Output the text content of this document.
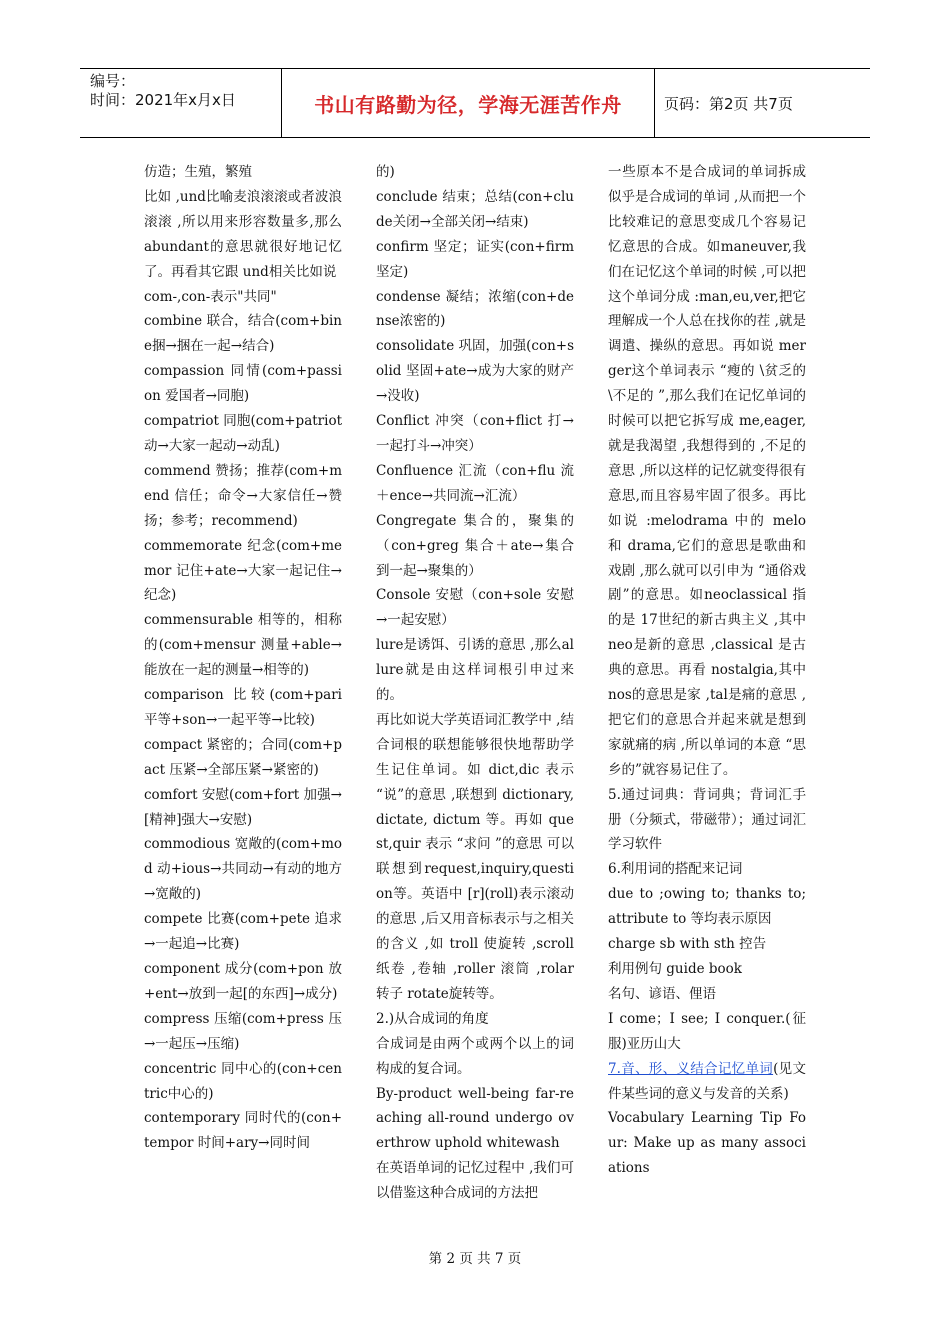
编号：
时间：2021年x月x日	书山有路勤为径，学海无涯苦作舟	页码：第2页 共7页
仿造；生殖，繁殖
比如 ,und比喻麦浪滚滚或者波浪滚滚 ,所以用来形容数量多,那么 abundant的意思就很好地记忆了。再看其它跟 und相关比如说
com-,con-表示"共同"
combine 联合，结合(com+bine捆→捆在一起→结合)
compassion 同情(com+passion 爱国者→同胞)
compatriot 同胞(com+patriot 动→大家一起动→动乱)
commend 赞扬；推荐(com+mend 信任；命令→大家信任→赞扬；参考；recommend)
commemorate 纪念(com+memor 记住+ate→大家一起记住→纪念)
commensurable 相等的，相称的(com+mensur 测量+able→能放在一起的测量→相等的)
comparison 比较(com+pari 平等+son→一起平等→比较)
compact 紧密的；合同(com+pact 压紧→全部压紧→紧密的)
comfort 安慰(com+fort 加强→[精神]强大→安慰)
commodious 宽敞的(com+mod 动+ious→共同动→有动的地方→宽敞的)
compete 比赛(com+pete 追求→一起追→比赛)
component 成分(com+pon 放+ent→放到一起[的东西]→成分)
compress 压缩(com+press 压→一起压→压缩)
concentric 同中心的(con+centric中心的)
contemporary 同时代的(con+tempor 时间+ary→同时间
的)
conclude 结束；总结(con+clude关闭→全部关闭→结束)
confirm 坚定；证实(con+firm 坚定)
condense 凝结；浓缩(con+dense浓密的)
consolidate 巩固，加强(con+solid 坚固+ate→成为大家的财产→没收)
Conflict 冲突（con+flict 打→一起打斗→冲突）
Confluence 汇流（con+flu 流＋ence→共同流→汇流）
Congregate 集合的，聚集的（con+greg 集合＋ate→集合到一起→聚集的）
Console 安慰（con+sole 安慰→一起安慰）
lure是诱饵、引诱的意思 ,那么allure就是由这样词根引申过来的。
再比如说大学英语词汇教学中 ,结合词根的联想能够很快地帮助学生记住单词。如 dict,dic 表示 “说”的意思 ,联想到 dictionary, dictate, dictum 等。再如 quest,quir 表示 “求问 ”的意思 可以联想到request,inquiry,question等。英语中 [r](roll)表示滚动的意思 ,后又用音标表示与之相关的含义 ,如 troll 使旋转 ,scroll 纸卷 ,卷轴 ,roller 滚筒 ,rolar 转子 rotate旋转等。
2.)从合成词的角度
合成词是由两个或两个以上的词构成的复合词。
By-product well-being far-reaching all-round undergo overthrow uphold whitewash
在英语单词的记忆过程中 ,我们可以借鉴这种合成词的方法把
一些原本不是合成词的单词拆成似乎是合成词的单词 ,从而把一个比较难记的意思变成几个容易记忆意思的合成。如maneuver,我们在记忆这个单词的时候 ,可以把这个单词分成 :man,eu,ver,把它理解成一个人总在找你的茬 ,就是调遣、操纵的意思。再如说 merger这个单词表示 “瘦的 \贫乏的 \不足的 ”,那么我们在记忆单词的时候可以把它拆写成 me,eager,就是我渴望 ,我想得到的 ,不足的意思 ,所以这样的记忆就变得很有意思,而且容易牢固了很多。再比如说 :melodrama 中的 melo 和 drama,它们的意思是歌曲和戏剧 ,那么就可以引申为 “通俗戏剧”的意思。如neoclassical 指的是 17世纪的新古典主义 ,其中 neo是新的意思 ,classical 是古典的意思。再看 nostalgia,其中 nos的意思是家 ,tal是痛的意思 ,把它们的意思合并起来就是想到家就痛的病 ,所以单词的本意 “思乡的”就容易记住了。
5.通过词典：背词典；背词汇手册（分频式，带磁带）；通过词汇学习软件
6.利用词的搭配来记词
due to ;owing to; thanks to; attribute to 等均表示原因
charge sb with sth 控告
利用例句 guide book
名句、谚语、俚语
I come；I see; I conquer.(征服)亚历山大
7.音、形、义结合记忆单词(见文件某些词的意义与发音的关系)
Vocabulary Learning Tip Four: Make up as many associations
第 2 页 共 7 页
